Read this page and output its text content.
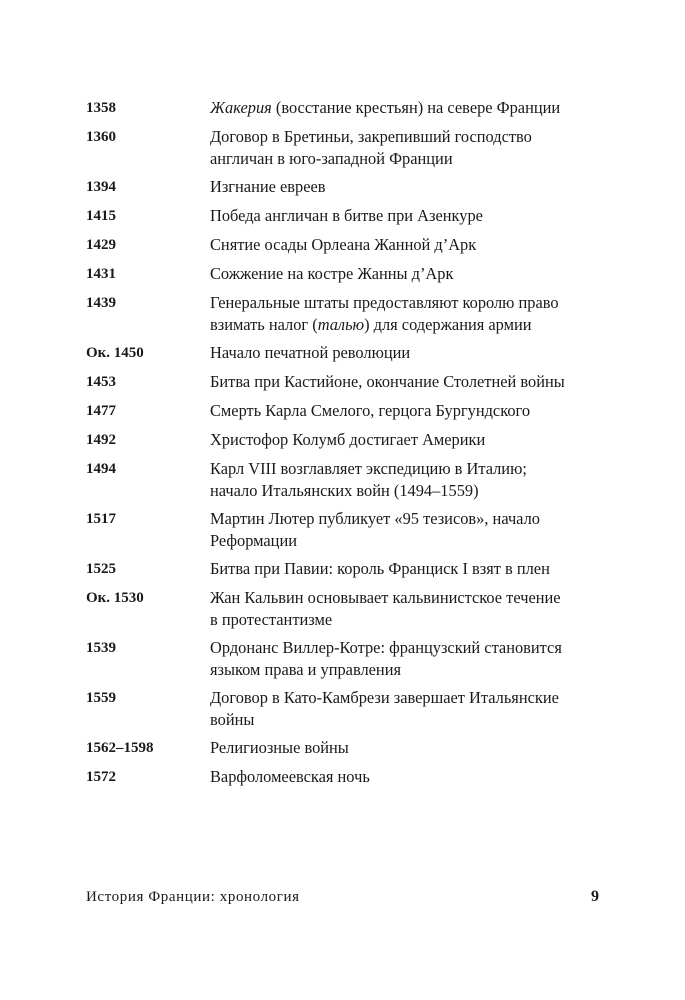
1358	Жакерия (восстание крестьян) на севере Франции
1360	Договор в Бретиньи, закрепивший господство англичан в юго-западной Франции
1394	Изгнание евреев
1415	Победа англичан в битве при Азенкуре
1429	Снятие осады Орлеана Жанной д’Арк
1431	Сожжение на костре Жанны д’Арк
1439	Генеральные штаты предоставляют королю право взимать налог (талью) для содержания армии
Ок. 1450	Начало печатной революции
1453	Битва при Кастийоне, окончание Столетней войны
1477	Смерть Карла Смелого, герцога Бургундского
1492	Христофор Колумб достигает Америки
1494	Карл VIII возглавляет экспедицию в Италию; начало Итальянских войн (1494–1559)
1517	Мартин Лютер публикует «95 тезисов», начало Реформации
1525	Битва при Павии: король Франциск I взят в плен
Ок. 1530	Жан Кальвин основывает кальвинистское течение в протестантизме
1539	Ордонанс Виллер-Котре: французский становится языком права и управления
1559	Договор в Като-Камбрези завершает Итальянские войны
1562–1598	Религиозные войны
1572	Варфоломеевская ночь
История Франции: хронология	9
